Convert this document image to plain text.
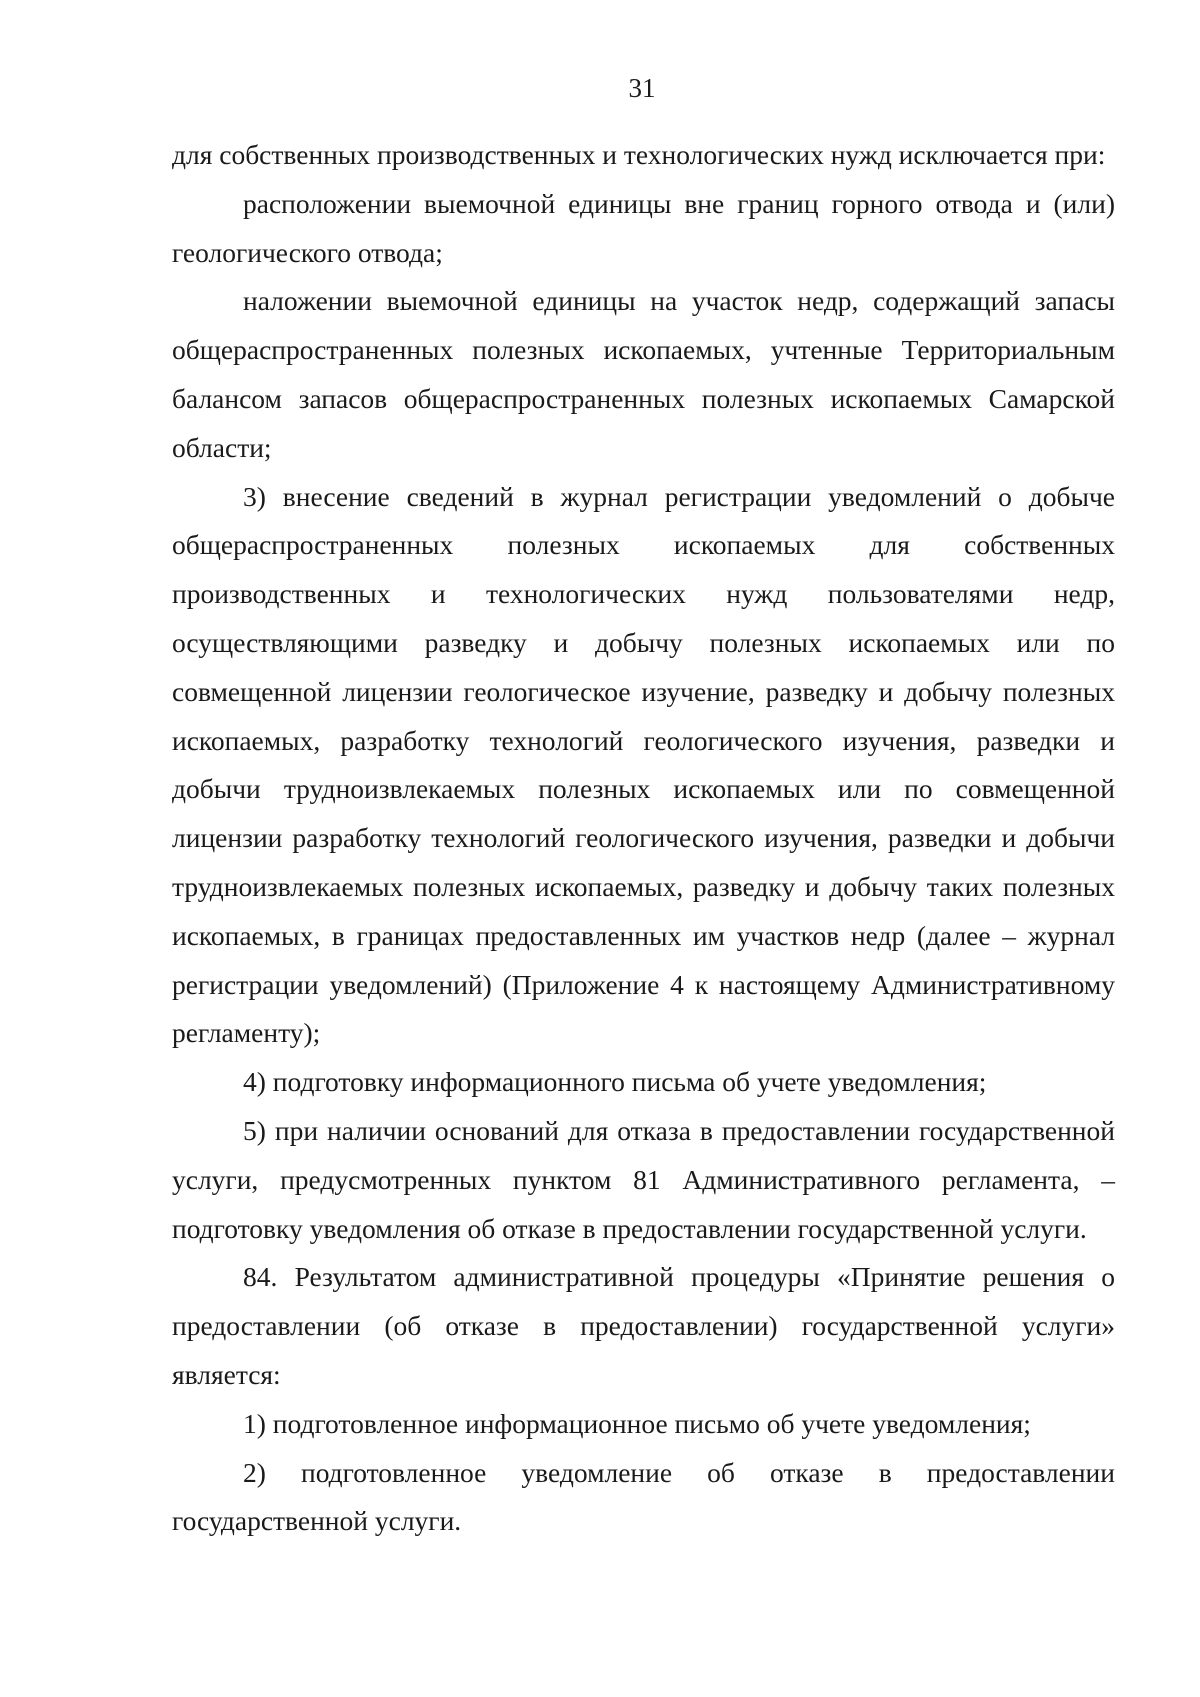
31

для собственных производственных и технологических нужд исключается при:

расположении выемочной единицы вне границ горного отвода и (или) геологического отвода;

наложении выемочной единицы на участок недр, содержащий запасы общераспространенных полезных ископаемых, учтенные Территориальным балансом запасов общераспространенных полезных ископаемых Самарской области;

3) внесение сведений в журнал регистрации уведомлений о добыче общераспространенных полезных ископаемых для собственных производственных и технологических нужд пользователями недр, осуществляющими разведку и добычу полезных ископаемых или по совмещенной лицензии геологическое изучение, разведку и добычу полезных ископаемых, разработку технологий геологического изучения, разведки и добычи трудноизвлекаемых полезных ископаемых или по совмещенной лицензии разработку технологий геологического изучения, разведки и добычи трудноизвлекаемых полезных ископаемых, разведку и добычу таких полезных ископаемых, в границах предоставленных им участков недр (далее – журнал регистрации уведомлений) (Приложение 4 к настоящему Административному регламенту);

4) подготовку информационного письма об учете уведомления;

5) при наличии оснований для отказа в предоставлении государственной услуги, предусмотренных пунктом 81 Административного регламента, – подготовку уведомления об отказе в предоставлении государственной услуги.

84. Результатом административной процедуры «Принятие решения о предоставлении (об отказе в предоставлении) государственной услуги» является:

1) подготовленное информационное письмо об учете уведомления;

2) подготовленное уведомление об отказе в предоставлении государственной услуги.
